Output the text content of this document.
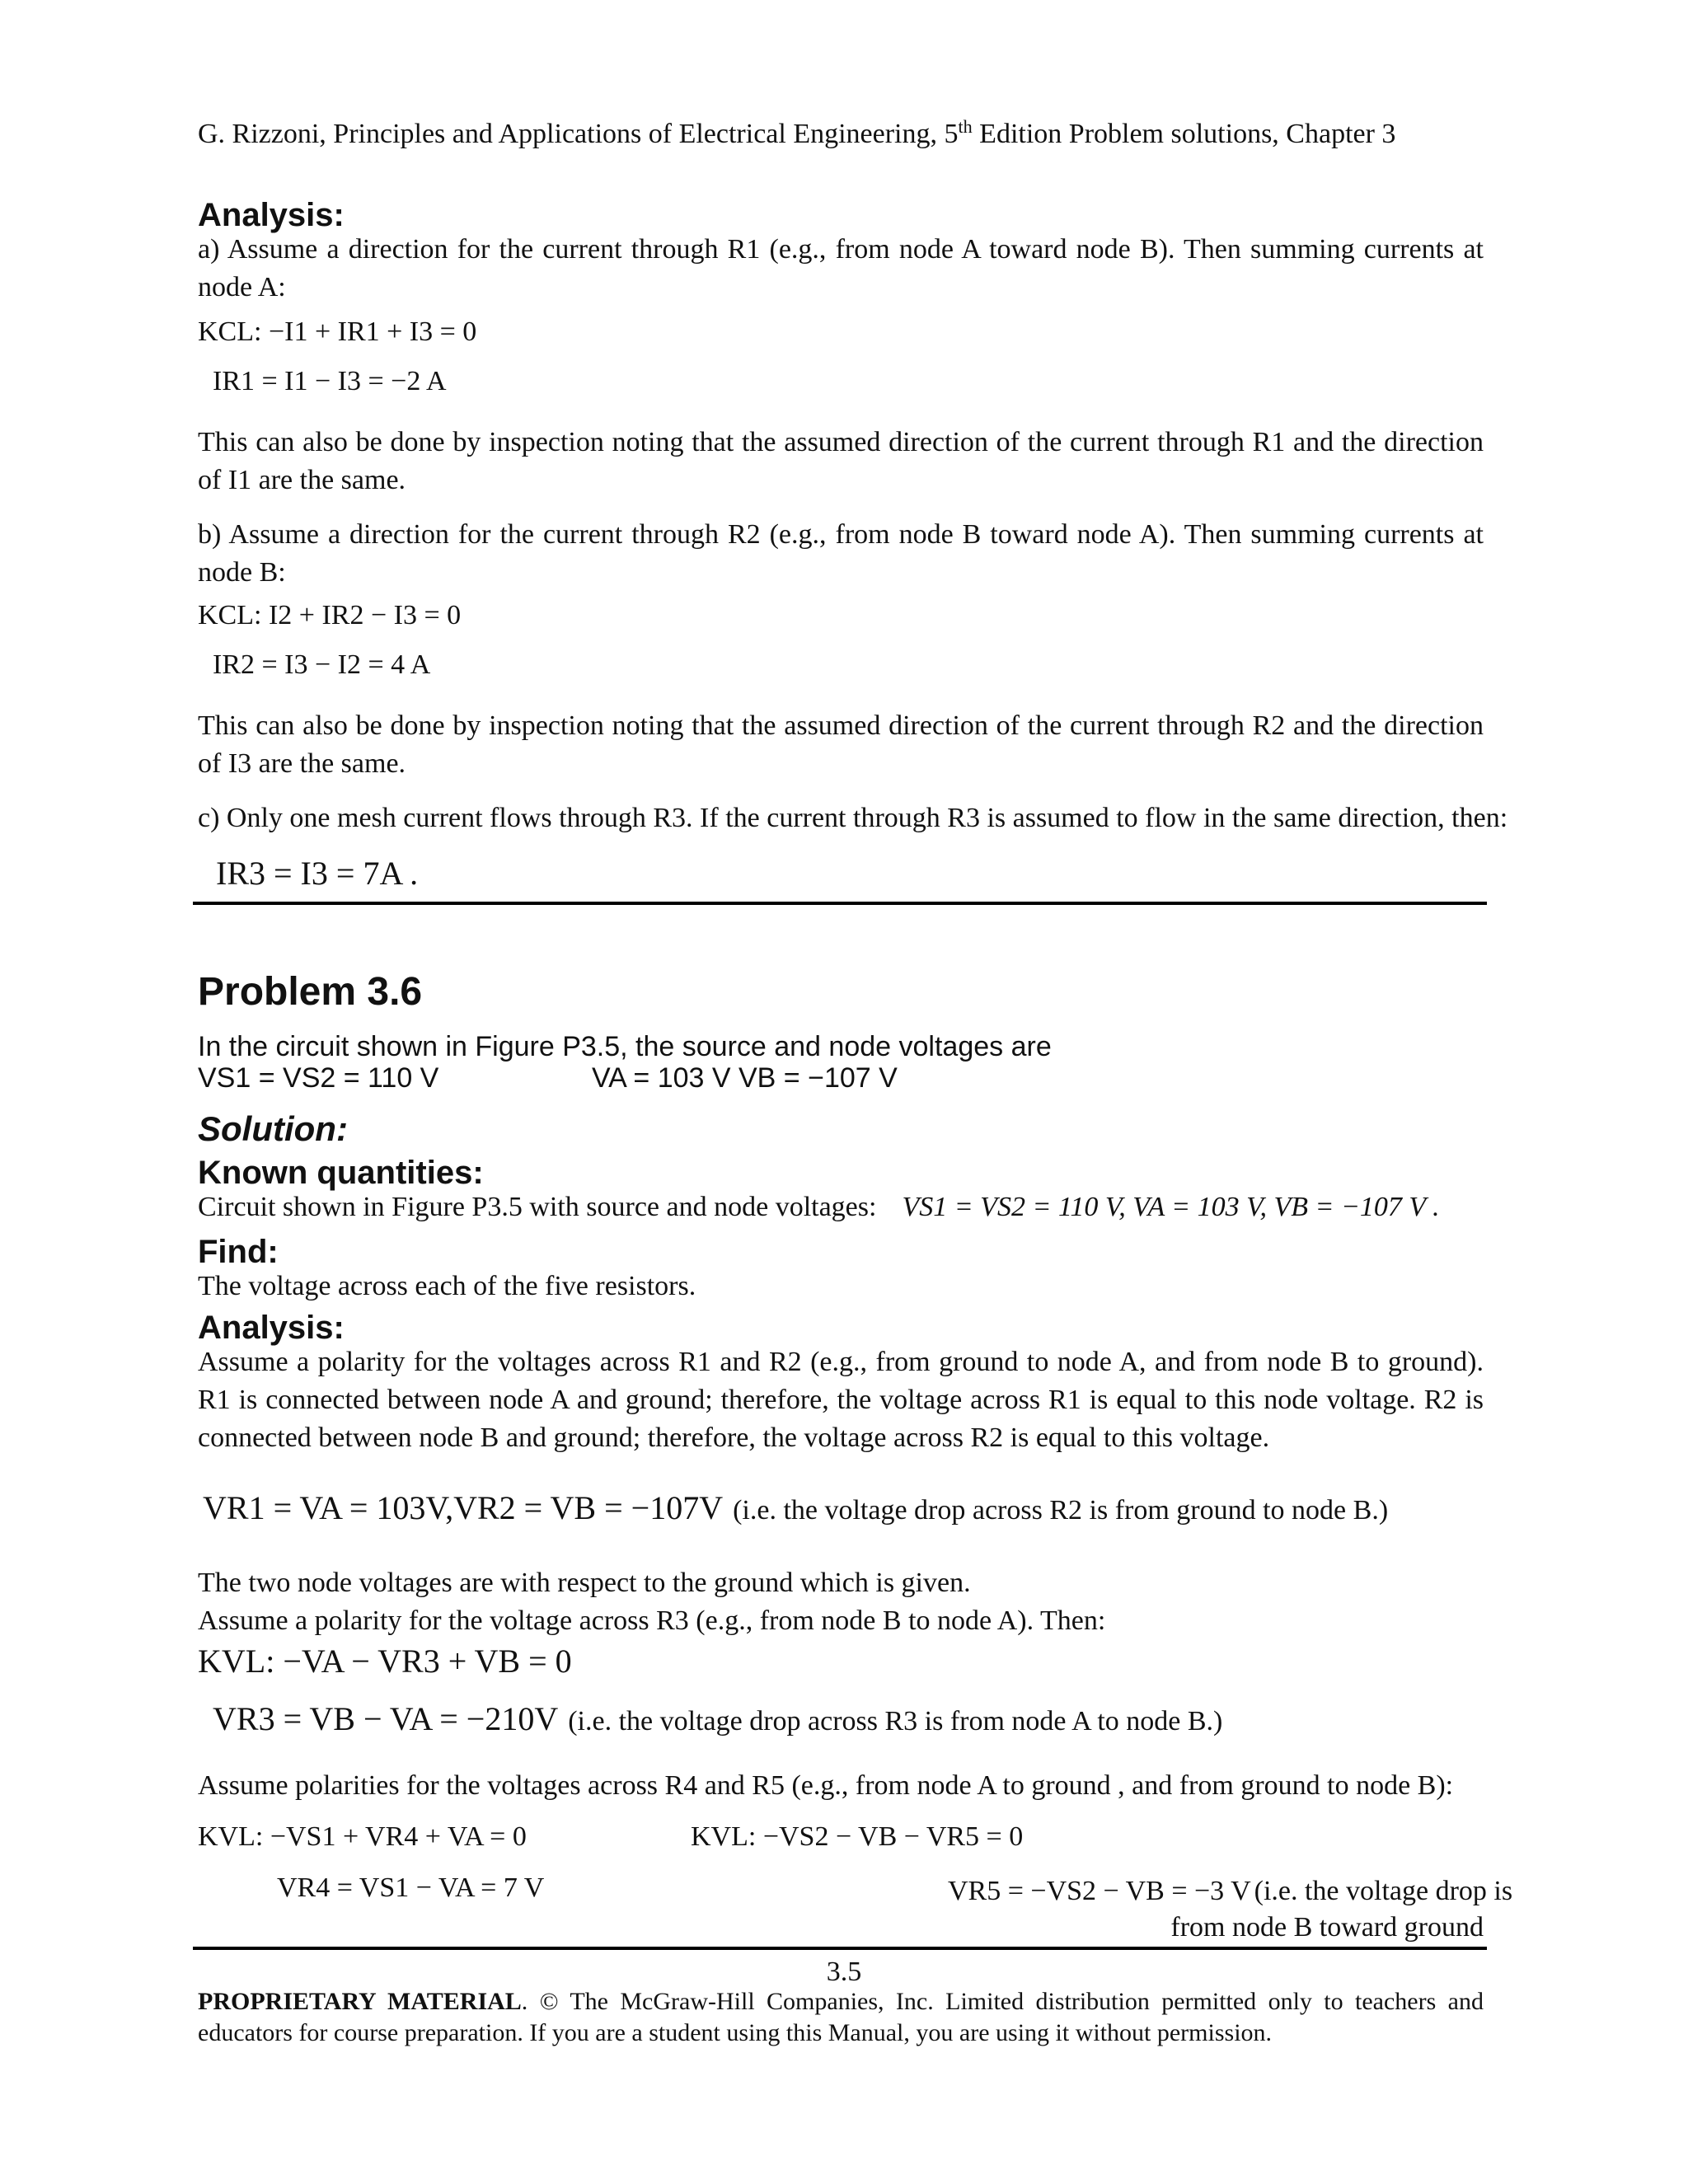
G. Rizzoni, Principles and Applications of Electrical Engineering, 5th Edition Problem solutions, Chapter 3
Analysis:
a) Assume a direction for the current through R1 (e.g., from node A toward node B). Then summing currents at node A:
KCL: −I1 + IR1 + I3 = 0
IR1 = I1 − I3 = −2 A
This can also be done by inspection noting that the assumed direction of the current through R1 and the direction of I1 are the same.
b) Assume a direction for the current through R2 (e.g., from node B toward node A). Then summing currents at node B:
KCL: I2 + IR2 − I3 = 0
IR2 = I3 − I2 = 4 A
This can also be done by inspection noting that the assumed direction of the current through R2 and the direction of I3 are the same.
c) Only one mesh current flows through R3. If the current through R3 is assumed to flow in the same direction, then:
IR3 = I3 = 7A .
Problem 3.6
In the circuit shown in Figure P3.5, the source and node voltages are
VS1 = VS2 = 110 V	VA = 103 V VB = −107 V
Solution:
Known quantities:
Circuit shown in Figure P3.5 with source and node voltages: VS1 = VS2 = 110 V, VA = 103 V, VB = −107 V .
Find:
The voltage across each of the five resistors.
Analysis:
Assume a polarity for the voltages across R1 and R2 (e.g., from ground to node A, and from node B to ground). R1 is connected between node A and ground; therefore, the voltage across R1 is equal to this node voltage. R2 is connected between node B and ground; therefore, the voltage across R2 is equal to this voltage.
VR1 = VA = 103V,VR2 = VB = −107V (i.e. the voltage drop across R2 is from ground to node B.)
The two node voltages are with respect to the ground which is given.
Assume a polarity for the voltage across R3 (e.g., from node B to node A). Then:
KVL: −VA − VR3 + VB = 0
VR3 = VB − VA = −210V (i.e. the voltage drop across R3 is from node A to node B.)
Assume polarities for the voltages across R4 and R5 (e.g., from node A to ground , and from ground to node B):
KVL: −VS1 + VR4 + VA = 0	KVL: −VS2 − VB − VR5 = 0
VR4 = VS1 − VA = 7 V	VR5 = −VS2 − VB = −3 V (i.e. the voltage drop is
from node B toward ground
3.5
PROPRIETARY MATERIAL. © The McGraw-Hill Companies, Inc. Limited distribution permitted only to teachers and educators for course preparation. If you are a student using this Manual, you are using it without permission.
